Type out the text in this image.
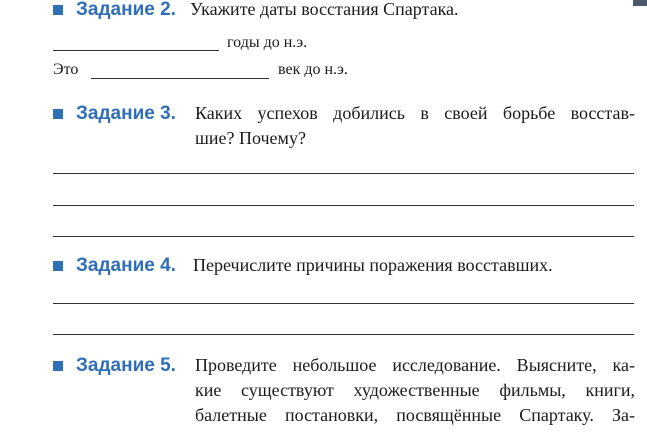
Задание 2. Укажите даты восстания Спартака.
годы до н.э.
Это	век до н.э.
Задание 3. Каких успехов добились в своей борьбе восстав-
шие? Почему?
Задание 4. Перечислите причины поражения восставших.
Задание 5. Проведите небольшое исследование. Выясните, ка-
кие существуют художественные фильмы, книги,
балетные постановки, посвящённые Спартаку. За-
